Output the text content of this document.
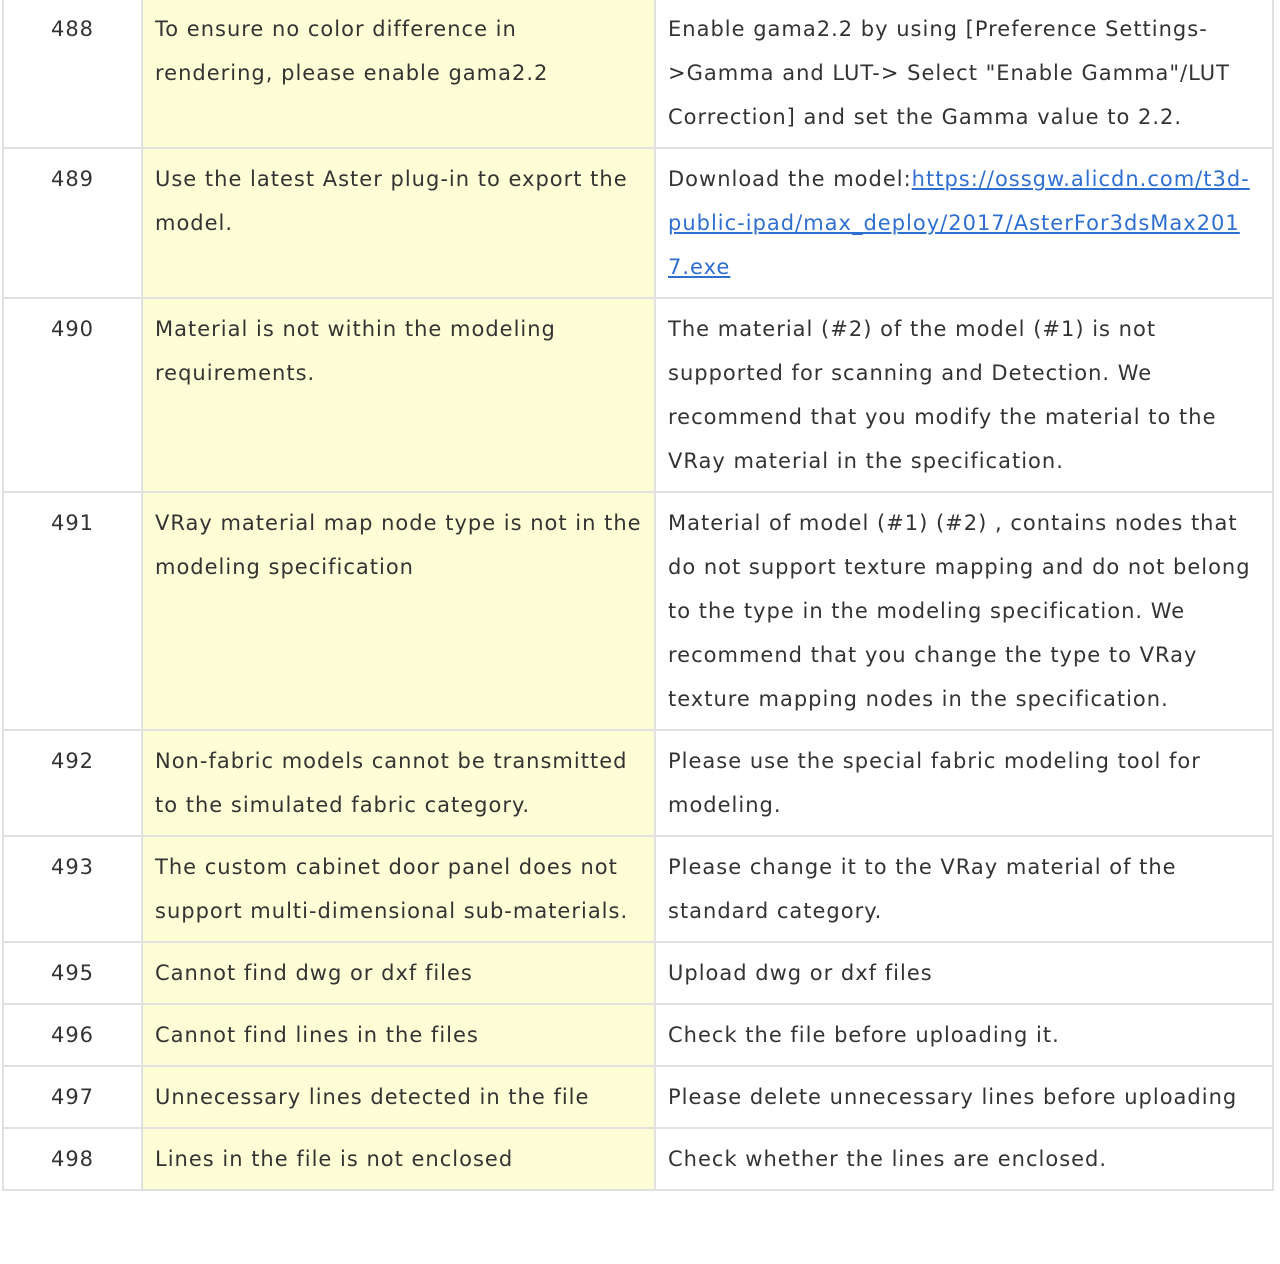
488	To ensure no color difference in rendering, please enable gama2.2	Enable gama2.2 by using [Preference Settings->Gamma and LUT-> Select "Enable Gamma"/LUT Correction] and set the Gamma value to 2.2.
489	Use the latest Aster plug-in to export the model.	Download the model:https://ossgw.alicdn.com/t3d-public-ipad/max_deploy/2017/AsterFor3dsMax2017.exe
490	Material is not within the modeling requirements.	The material (#2) of the model (#1) is not supported for scanning and Detection. We recommend that you modify the material to the VRay material in the specification.
491	VRay material map node type is not in the modeling specification	Material of model (#1) (#2) , contains nodes that do not support texture mapping and do not belong to the type in the modeling specification. We recommend that you change the type to VRay texture mapping nodes in the specification.
492	Non-fabric models cannot be transmitted to the simulated fabric category.	Please use the special fabric modeling tool for modeling.
493	The custom cabinet door panel does not support multi-dimensional sub-materials.	Please change it to the VRay material of the standard category.
495	Cannot find dwg or dxf files	Upload dwg or dxf files
496	Cannot find lines in the files	Check the file before uploading it.
497	Unnecessary lines detected in the file	Please delete unnecessary lines before uploading
498	Lines in the file is not enclosed	Check whether the lines are enclosed.
